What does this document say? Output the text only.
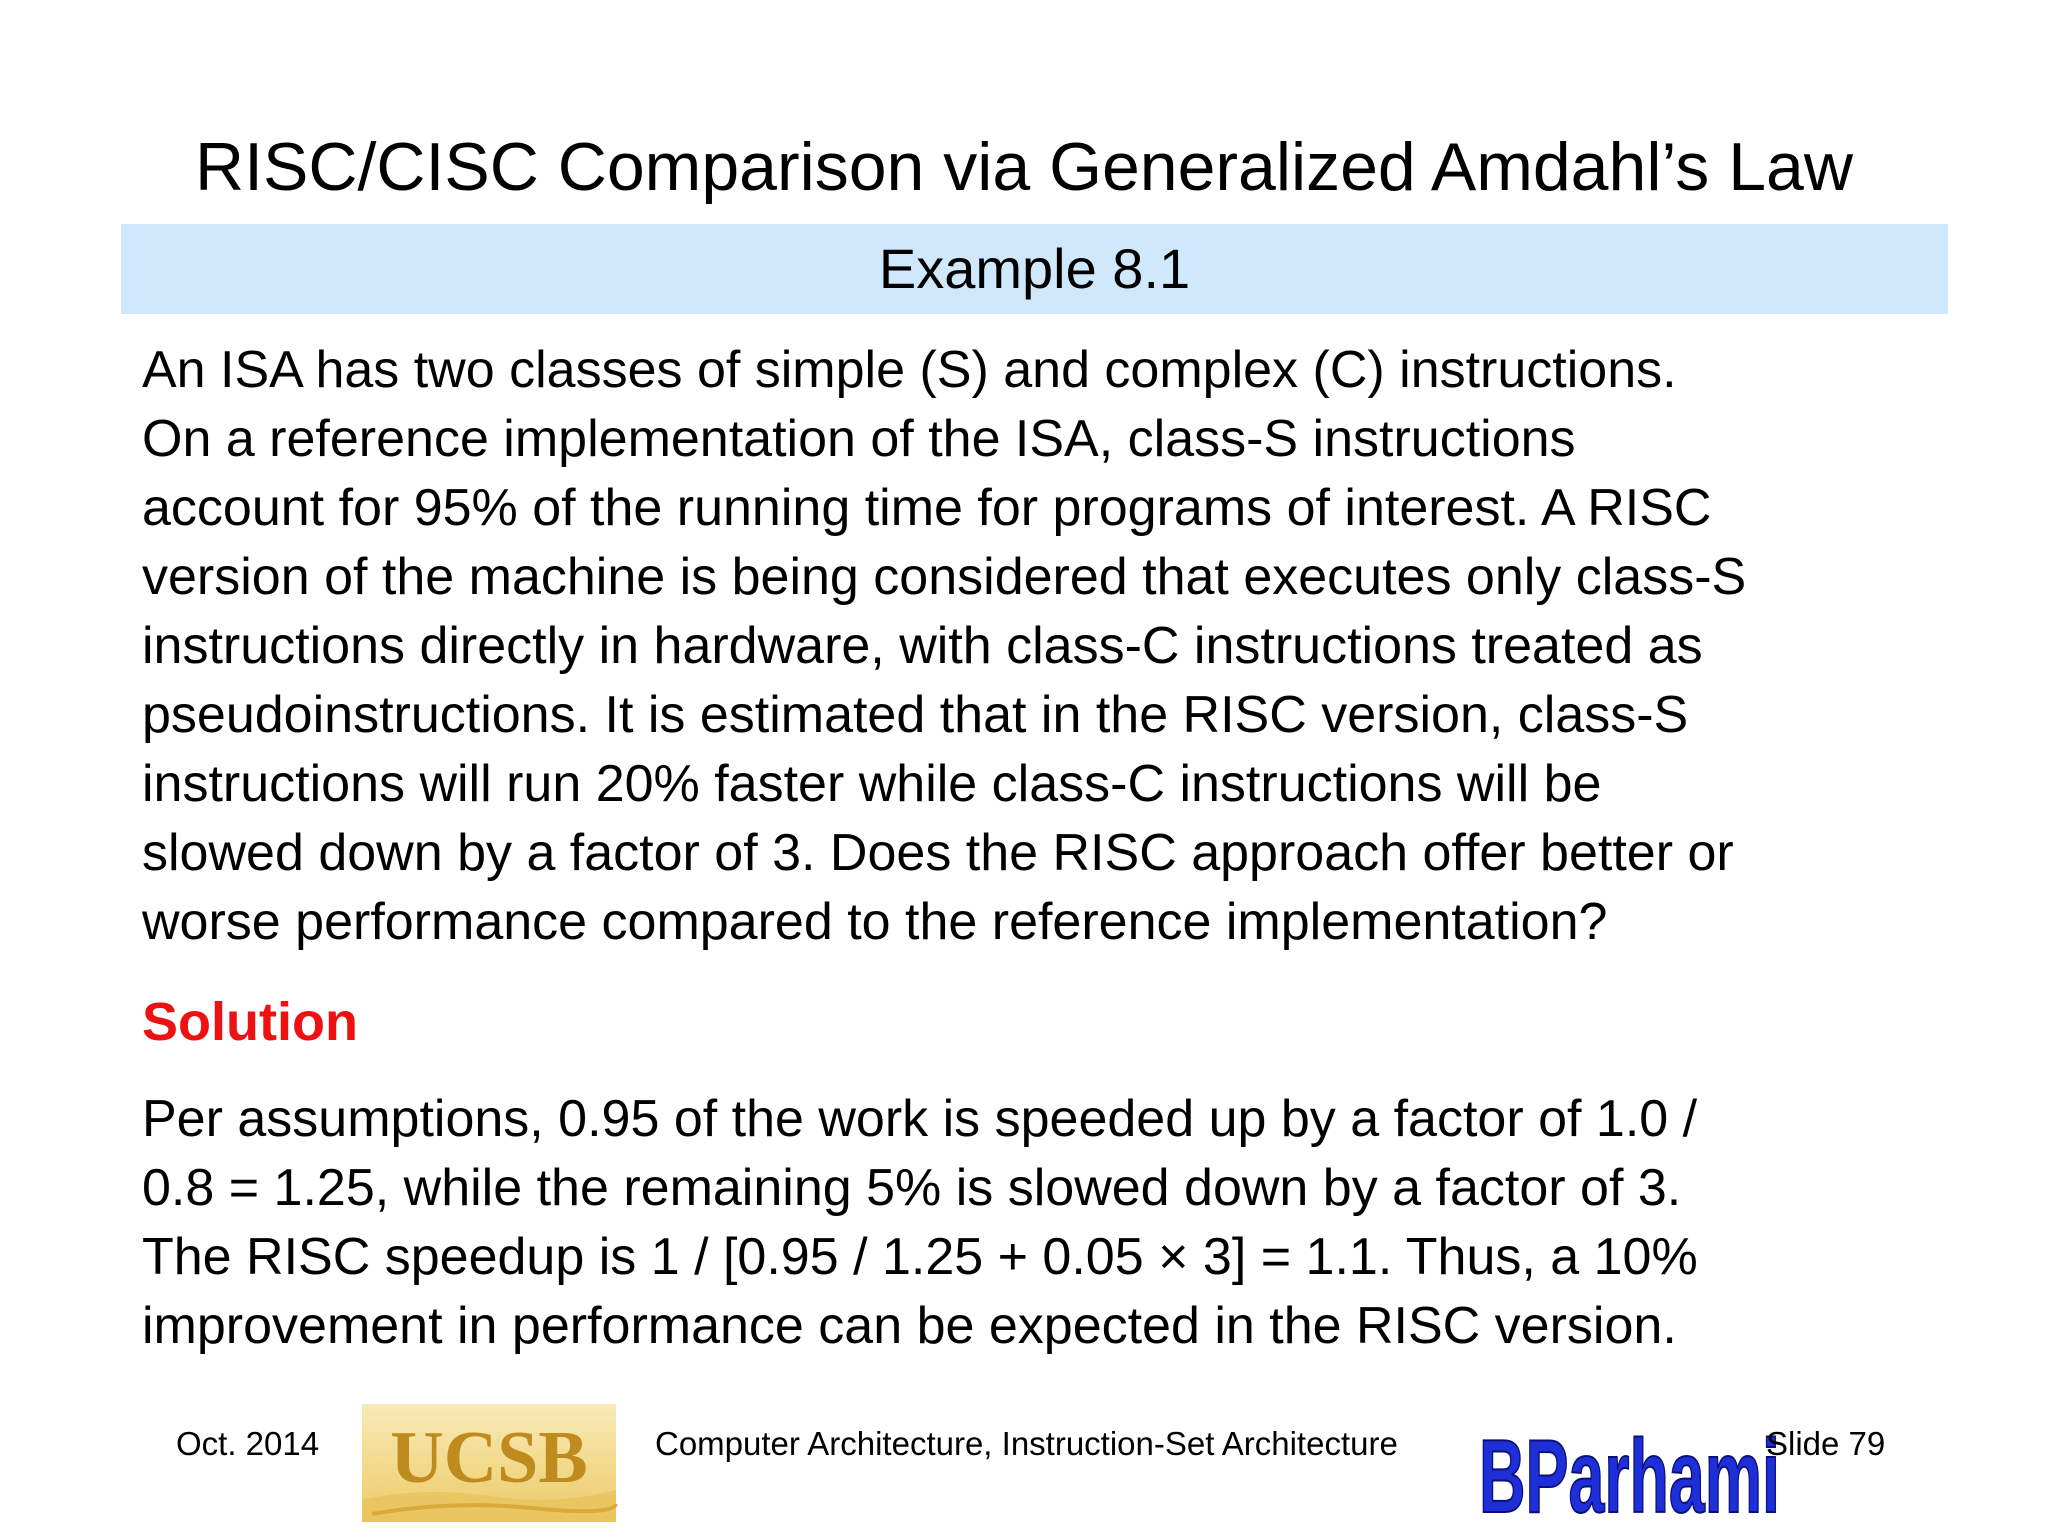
RISC/CISC Comparison via Generalized Amdahl’s Law
Example 8.1
An ISA has two classes of simple (S) and complex (C) instructions.
On a reference implementation of the ISA, class-S instructions
account for 95% of the running time for programs of interest. A RISC
version of the machine is being considered that executes only class-S
instructions directly in hardware, with class-C instructions treated as
pseudoinstructions. It is estimated that in the RISC version, class-S
instructions will run 20% faster while class-C instructions will be
slowed down by a factor of 3. Does the RISC approach offer better or
worse performance compared to the reference implementation?
Solution
Per assumptions, 0.95 of the work is speeded up by a factor of 1.0 /
0.8 = 1.25, while the remaining 5% is slowed down by a factor of 3.
The RISC speedup is 1 / [0.95 / 1.25 + 0.05 × 3] = 1.1. Thus, a 10%
improvement in performance can be expected in the RISC version.
Oct. 2014 UCSB Computer Architecture, Instruction-Set Architecture BParhami
Slide 79
